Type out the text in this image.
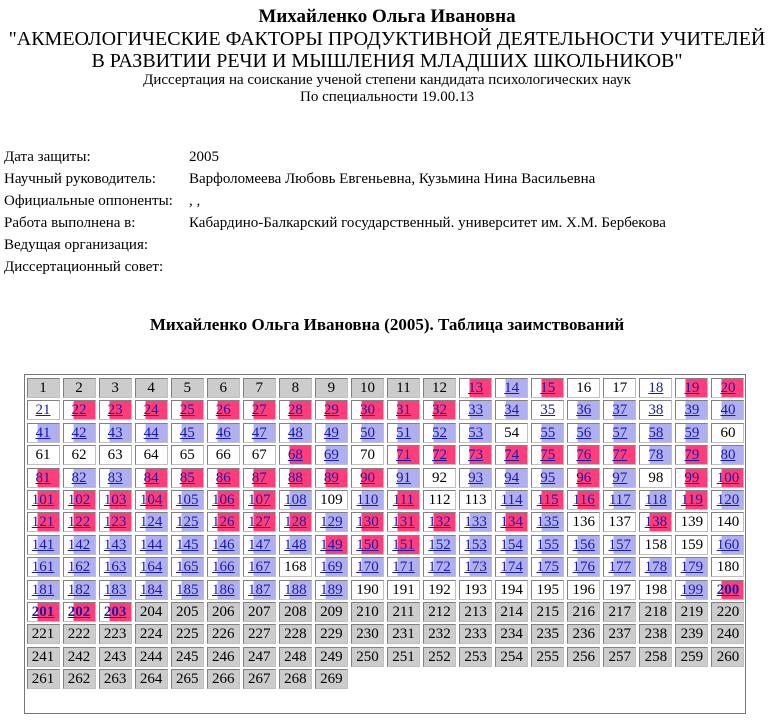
Михайленко Ольга Ивановна
"АКМЕОЛОГИЧЕСКИЕ ФАКТОРЫ ПРОДУКТИВНОЙ ДЕЯТЕЛЬНОСТИ УЧИТЕЛЕЙ
В РАЗВИТИИ РЕЧИ И МЫШЛЕНИЯ МЛАДШИХ ШКОЛЬНИКОВ"
Диссертация на соискание ученой степени кандидата психологических наук
По специальности 19.00.13
Дата защиты:	2005
Научный руководитель:	Варфоломеева Любовь Евгеньевна, Кузьмина Нина Васильевна
Официальные оппоненты:	, ,
Работа выполнена в:	Кабардино-Балкарский государственный. университет им. Х.М. Бербекова
Ведущая организация:
Диссертационный совет:
Михайленко Ольга Ивановна (2005). Таблица заимствований
1	2	3	4	5	6	7	8	9	10	11	12	13	14	15	16	17	18	19	20
21	22	23	24	25	26	27	28	29	30	31	32	33	34	35	36	37	38	39	40
41	42	43	44	45	46	47	48	49	50	51	52	53	54	55	56	57	58	59	60
61	62	63	64	65	66	67	68	69	70	71	72	73	74	75	76	77	78	79	80
81	82	83	84	85	86	87	88	89	90	91	92	93	94	95	96	97	98	99	100
101 102 103 104 105 106 107 108 109 110 111 112 113 114 115 116 117 118 119 120
121 122 123 124 125 126 127 128 129 130 131 132 133 134 135 136 137 138 139 140
141 142 143 144 145 146 147 148 149 150 151 152 153 154 155 156 157 158 159 160
161 162 163 164 165 166 167 168 169 170 171 172 173 174 175 176 177 178 179 180
181 182 183 184 185 186 187 188 189 190 191 192 193 194 195 196 197 198 199 200
201 202 203 204 205 206 207 208 209 210 211 212 213 214 215 216 217 218 219 220
221 222 223 224 225 226 227 228 229 230 231 232 233 234 235 236 237 238 239 240
241 242 243 244 245 246 247 248 249 250 251 252 253 254 255 256 257 258 259 260
261 262 263 264 265 266 267 268 269
